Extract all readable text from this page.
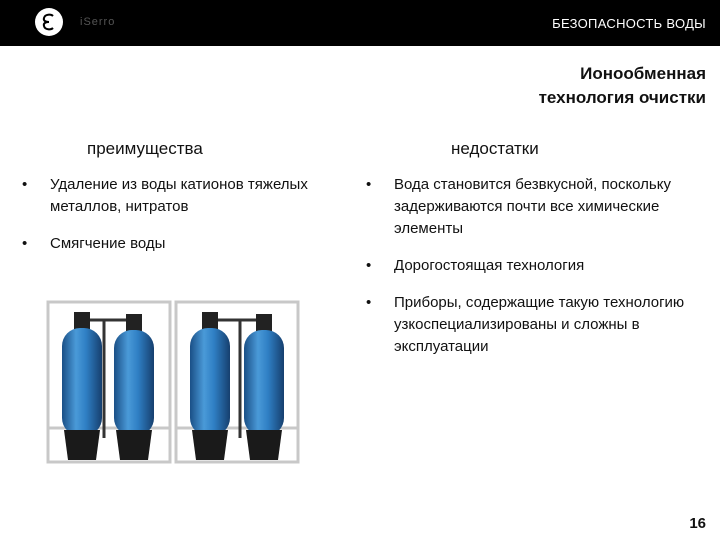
iSerro	БЕЗОПАСНОСТЬ ВОДЫ
Ионообменная
технология очистки
преимущества	недостатки
• Удаление из воды катионов тяжелых металлов, нитратов
• Смягчение воды
• Вода становится безвкусной, поскольку задерживаются почти все химические элементы
• Дорогостоящая технология
• Приборы, содержащие такую технологию узкоспециализированы и сложны в эксплуатации
16
